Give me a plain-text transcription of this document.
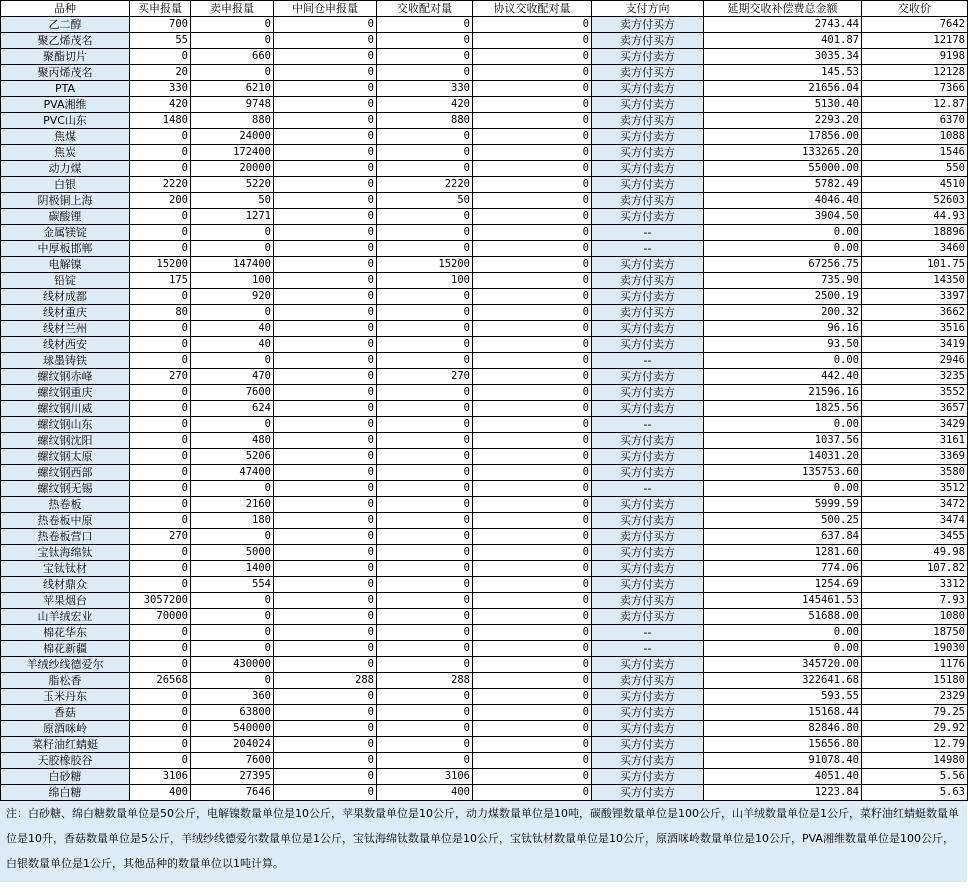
品种	买申报量	卖申报量	中间仓申报量	交收配对量	协议交收配对量	支付方向	延期交收补偿费总金额	交收价
乙二醇	700	0	0	0	0	卖方付买方	2743.44	7642
聚乙烯茂名	55	0	0	0	0	卖方付买方	401.87	12178
聚酯切片	0	660	0	0	0	买方付卖方	3035.34	9198
聚丙烯茂名	20	0	0	0	0	卖方付买方	145.53	12128
PTA	330	6210	0	330	0	买方付卖方	21656.04	7366
PVA湘维	420	9748	0	420	0	买方付卖方	5130.40	12.87
PVC山东	1480	880	0	880	0	卖方付买方	2293.20	6370
焦煤	0	24000	0	0	0	买方付卖方	17856.00	1088
焦炭	0	172400	0	0	0	买方付卖方	133265.20	1546
动力煤	0	20000	0	0	0	买方付卖方	55000.00	550
白银	2220	5220	0	2220	0	买方付卖方	5782.49	4510
阴极铜上海	200	50	0	50	0	卖方付买方	4046.40	52603
碳酸锂	0	1271	0	0	0	买方付卖方	3904.50	44.93
金属镁锭	0	0	0	0	0	--	0.00	18896
中厚板邯郸	0	0	0	0	0	--	0.00	3460
电解镍	15200	147400	0	15200	0	买方付卖方	67256.75	101.75
铅锭	175	100	0	100	0	卖方付买方	735.90	14350
线材成都	0	920	0	0	0	买方付卖方	2500.19	3397
线材重庆	80	0	0	0	0	卖方付买方	200.32	3662
线材兰州	0	40	0	0	0	买方付卖方	96.16	3516
线材西安	0	40	0	0	0	买方付卖方	93.50	3419
球墨铸铁	0	0	0	0	0	--	0.00	2946
螺纹钢赤峰	270	470	0	270	0	买方付卖方	442.40	3235
螺纹钢重庆	0	7600	0	0	0	买方付卖方	21596.16	3552
螺纹钢川威	0	624	0	0	0	买方付卖方	1825.56	3657
螺纹钢山东	0	0	0	0	0	--	0.00	3429
螺纹钢沈阳	0	480	0	0	0	买方付卖方	1037.56	3161
螺纹钢太原	0	5206	0	0	0	买方付卖方	14031.20	3369
螺纹钢西部	0	47400	0	0	0	买方付卖方	135753.60	3580
螺纹钢无锡	0	0	0	0	0	--	0.00	3512
热卷板	0	2160	0	0	0	买方付卖方	5999.59	3472
热卷板中原	0	180	0	0	0	买方付卖方	500.25	3474
热卷板营口	270	0	0	0	0	卖方付买方	637.84	3455
宝钛海绵钛	0	5000	0	0	0	买方付卖方	1281.60	49.98
宝钛钛材	0	1400	0	0	0	买方付卖方	774.06	107.82
线材鼎众	0	554	0	0	0	买方付卖方	1254.69	3312
苹果烟台	3057200	0	0	0	0	卖方付买方	145461.53	7.93
山羊绒宏业	70000	0	0	0	0	卖方付买方	51688.00	1080
棉花华东	0	0	0	0	0	--	0.00	18750
棉花新疆	0	0	0	0	0	--	0.00	19030
羊绒纱线德爱尔	0	430000	0	0	0	买方付卖方	345720.00	1176
脂松香	26568	0	288	288	0	卖方付买方	322641.68	15180
玉米丹东	0	360	0	0	0	买方付卖方	593.55	2329
香菇	0	63800	0	0	0	买方付卖方	15168.44	79.25
原酒咪岭	0	540000	0	0	0	买方付卖方	82846.80	29.92
菜籽油红蜻蜓	0	204024	0	0	0	买方付卖方	15656.80	12.79
天胶橡胶谷	0	7600	0	0	0	买方付卖方	91078.40	14980
白砂糖	3106	27395	0	3106	0	买方付卖方	4051.40	5.56
绵白糖	400	7646	0	400	0	买方付卖方	1223.84	5.63
注：白砂糖、绵白糖数量单位是50公斤，电解镍数量单位是10公斤，苹果数量单位是10公斤，动力煤数量单位是10吨，碳酸锂数量单位是100公斤，山羊绒数量单位是1公斤，菜籽油红蜻蜓数量单位是10升，香菇数量单位是5公斤，羊绒纱线德爱尔数量单位是1公斤，宝钛海绵钛数量单位是10公斤，宝钛钛材数量单位是10公斤，原酒咪岭数量单位是10公斤，PVA湘维数量单位是100公斤，白银数量单位是1公斤，其他品种的数量单位以1吨计算。
